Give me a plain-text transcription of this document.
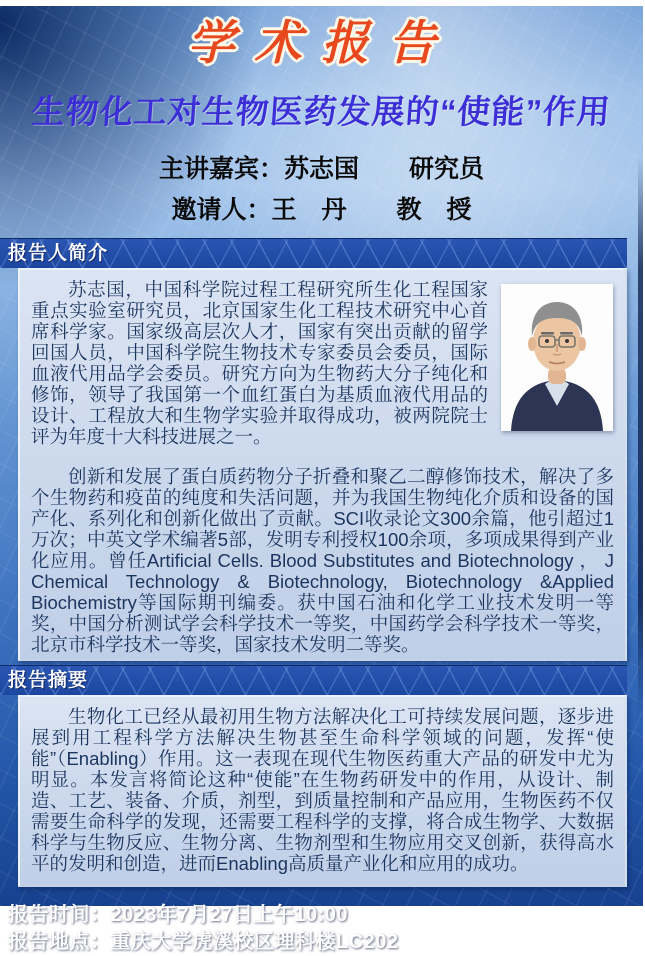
学术报告
生物化工对生物医药发展的“使能”作用
主讲嘉宾：苏志国　　研究员
邀请人：王　丹　　教　授
报告人简介

苏志国，中国科学院过程工程研究所生化工程国家重点实验室研究员，北京国家生化工程技术研究中心首席科学家。国家级高层次人才，国家有突出贡献的留学回国人员，中国科学院生物技术专家委员会委员，国际血液代用品学会委员。研究方向为生物药大分子纯化和修饰，领导了我国第一个血红蛋白为基质血液代用品的设计、工程放大和生物学实验并取得成功，被两院院士评为年度十大科技进展之一。

创新和发展了蛋白质药物分子折叠和聚乙二醇修饰技术，解决了多个生物药和疫苗的纯度和失活问题，并为我国生物纯化介质和设备的国产化、系列化和创新化做出了贡献。SCI收录论文300余篇，他引超过1万次；中英文学术编著5部，发明专利授权100余项，多项成果得到产业化应用。曾任Artificial Cells. Blood Substitutes and Biotechnology ， J Chemical Technology & Biotechnology, Biotechnology &Applied Biochemistry等国际期刊编委。获中国石油和化学工业技术发明一等奖，中国分析测试学会科学技术一等奖，中国药学会科学技术一等奖，北京市科学技术一等奖，国家技术发明二等奖。

报告摘要

生物化工已经从最初用生物方法解决化工可持续发展问题，逐步进展到用工程科学方法解决生物甚至生命科学领域的问题，发挥“使能”（Enabling）作用。这一表现在现代生物医药重大产品的研发中尤为明显。本发言将简论这种“使能”在生物药研发中的作用，从设计、制造、工艺、装备、介质，剂型，到质量控制和产品应用，生物医药不仅需要生命科学的发现，还需要工程科学的支撑，将合成生物学、大数据科学与生物反应、生物分离、生物剂型和生物应用交叉创新，获得高水平的发明和创造，进而Enabling高质量产业化和应用的成功。

报告时间：2023年7月27日上午10:00
报告地点：重庆大学虎溪校区理科楼LC202
